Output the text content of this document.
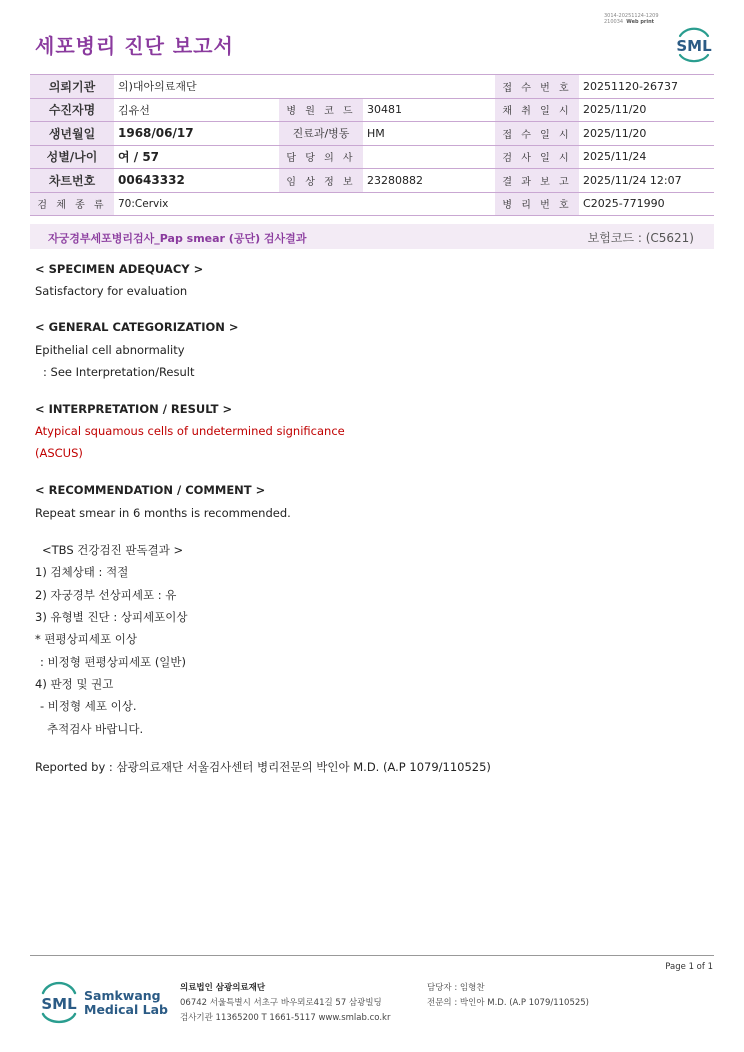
3014-20251124-1209
210034 Web print
세포병리 진단 보고서	SML
의뢰기관	의)대아의료재단			접 수 번 호	20251120-26737
수진자명	김유선	병 원 코 드	30481	채 취 일 시	2025/11/20
생년월일	1968/06/17	진료과/병동	HM	접 수 일 시	2025/11/20
성별/나이	여 / 57	담 당 의 사		검 사 일 시	2025/11/24
차트번호	00643332	임 상 정 보	23280882	결 과 보 고	2025/11/24 12:07
검 체 종 류	70:Cervix			병 리 번 호	C2025-771990
자궁경부세포병리검사_Pap smear (공단) 검사결과	보험코드 : (C5621)
< SPECIMEN ADEQUACY >
Satisfactory for evaluation
< GENERAL CATEGORIZATION >
Epithelial cell abnormality
: See Interpretation/Result
< INTERPRETATION / RESULT >
Atypical squamous cells of undetermined significance
(ASCUS)
< RECOMMENDATION / COMMENT >
Repeat smear in 6 months is recommended.
<TBS 건강검진 판독결과 >
1) 검체상태 : 적절
2) 자궁경부 선상피세포 : 유
3) 유형별 진단 : 상피세포이상
* 편평상피세포 이상
: 비정형 편평상피세포 (일반)
4) 판정 및 권고
- 비정형 세포 이상.
추적검사 바랍니다.
Reported by : 삼광의료재단 서울검사센터 병리전문의 박인아 M.D. (A.P 1079/110525)
Page 1 of 1
SML Samkwang
Medical Lab
의료법인 삼광의료재단
06742 서울특별시 서초구 바우뫼로41길 57 삼광빌딩
검사기관 11365200 T 1661-5117 www.smlab.co.kr
담당자 : 임형찬
전문의 : 박인아 M.D. (A.P 1079/110525)
